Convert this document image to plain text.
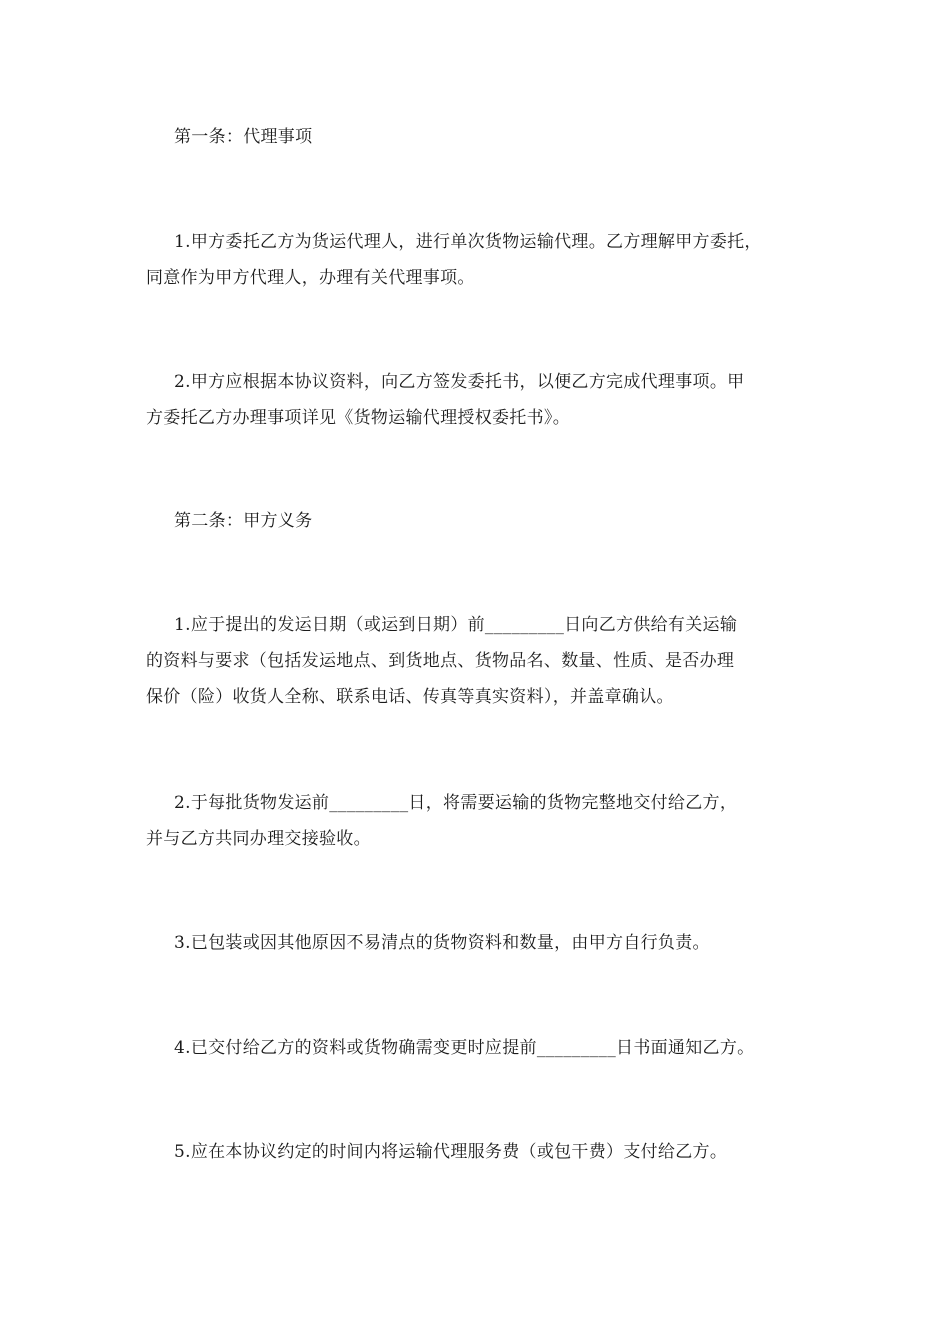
第一条：代理事项
1.甲方委托乙方为货运代理人，进行单次货物运输代理。乙方理解甲方委托，
同意作为甲方代理人，办理有关代理事项。
2.甲方应根据本协议资料，向乙方签发委托书，以便乙方完成代理事项。甲
方委托乙方办理事项详见《货物运输代理授权委托书》。
第二条：甲方义务
1.应于提出的发运日期（或运到日期）前_________日向乙方供给有关运输
的资料与要求（包括发运地点、到货地点、货物品名、数量、性质、是否办理
保价（险）收货人全称、联系电话、传真等真实资料），并盖章确认。
2.于每批货物发运前_________日，将需要运输的货物完整地交付给乙方，
并与乙方共同办理交接验收。
3.已包装或因其他原因不易清点的货物资料和数量，由甲方自行负责。
4.已交付给乙方的资料或货物确需变更时应提前_________日书面通知乙方。
5.应在本协议约定的时间内将运输代理服务费（或包干费）支付给乙方。
